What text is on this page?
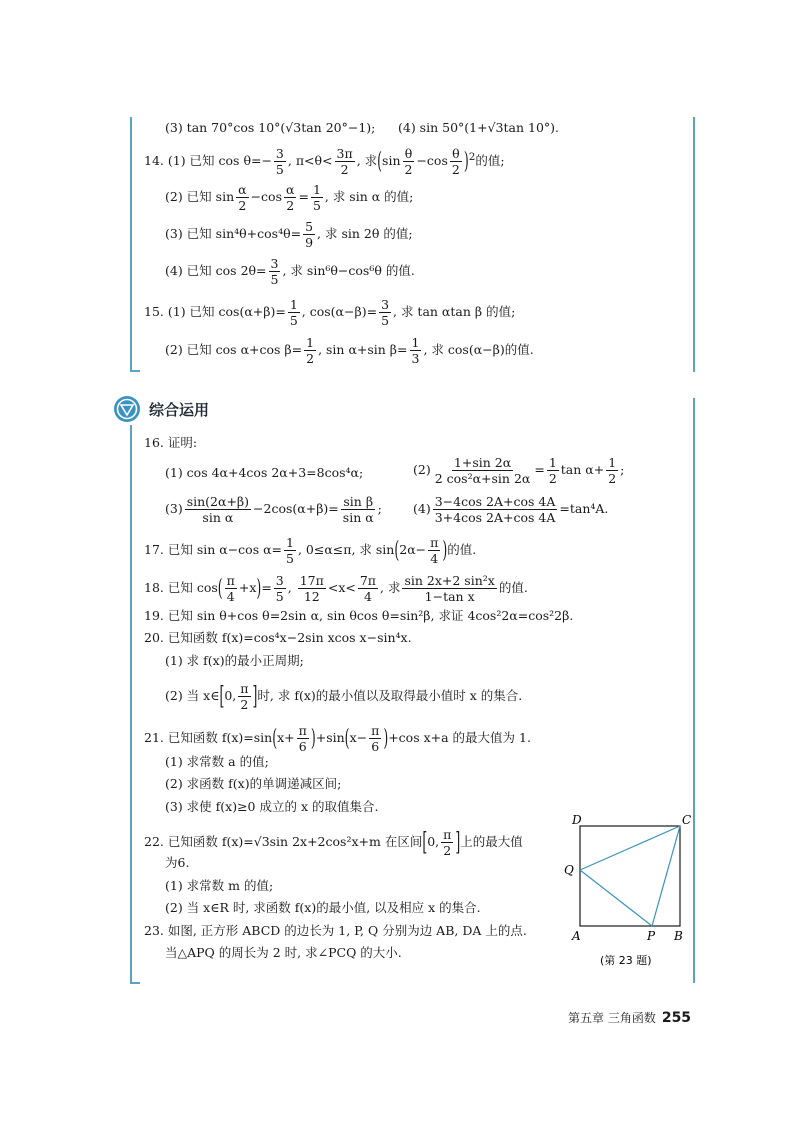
(3) tan 70°cos 10°(√3tan 20°−1); (4) sin 50°(1+√3tan 10°).
14. (1) 已知 $\cos \theta=- \frac{3}{5}$ , $\pi<\theta< \frac{3\pi}{2}$ , 求$(\sin \frac{\theta}{2} -\cos \frac{\theta}{2} )^2$的值;
(2) 已知 $\sin \frac{\alpha}{2} -\cos \frac{\alpha}{2} = \frac{1}{5}$ , 求 sin α 的值;
(3) 已知 $\sin^4\theta+\cos^4\theta= \frac{5}{9}$ , 求 sin 2θ 的值;
(4) 已知 $\cos 2\theta= \frac{3}{5}$ , 求 sin⁶θ−cos⁶θ 的值.
15. (1) 已知 $\cos(\alpha+\beta)= \frac{1}{5}$ , $\cos(\alpha-\beta)= \frac{3}{5}$ , 求 tan αtan β 的值;
(2) 已知 cos α+cos $\beta= \frac{1}{2}$ , sin α+sin $\beta= \frac{1}{3}$ , 求 cos(α−β)的值.
综合运用
16. 证明:
(1) cos 4α+4cos 2α+3=8cos⁴α;	$(2) \frac{1+\sin 2\alpha}{\text{2 cos²α+sin 2α}} = \frac{1}{2}$ $\tan \alpha+ \frac{1}{2}$ ;
$(3) \frac{\sin(2\alpha+\beta)}{\text{sin α}} -2\cos(\alpha+\beta)= \frac{\text{sin β}}{\text{sin α}}$ ; $(4) \frac{3-4\cos 2A+\cos 4A}{3+4\cos 2A+\cos 4A} =\tan^4A$.
17. 已知 sin α−cos $\alpha= \frac{1}{5}$ , 0≤α≤π, 求 $\sin(2\alpha- \frac{\pi}{4}$ )的值.
18. 已知 $\cos( \frac{\pi}{4} +x)= \frac{3}{5}$ , $\frac{17\pi}{12} <x< \frac{7\pi}{4}$ , 求 $\frac{\text{sin 2x+2 sin²x}}{\text{1−tan x}}$ 的值.
19. 已知 sin θ+cos θ=2sin α, sin θcos θ=sin²β, 求证 4cos²2α=cos²2β.
20. 已知函数 f(x)=cos⁴x−2sin xcos x−sin⁴x.
(1) 求 f(x)的最小正周期;
(2) 当 x∈[0, $\frac{\pi}{2}$ ]时, 求 f(x)的最小值以及取得最小值时 x 的集合.
21. 已知函数 $f(x)=\sin(x+ \frac{\pi}{6} )+\sin(x- \frac{\pi}{6} )+\cos$ x+a 的最大值为 1.
(1) 求常数 a 的值;
(2) 求函数 f(x)的单调递减区间;
(3) 求使 f(x)≥0 成立的 x 的取值集合.
22. 已知函数 f(x)=√3sin 2x+2cos²x+m 在区间[0, $\frac{\pi}{2}$ ]上的最大值
为6.
(1) 求常数 m 的值;
(2) 当 x∈R 时, 求函数 f(x)的最小值, 以及相应 x 的集合.
23. 如图, 正方形 ABCD 的边长为 1, P, Q 分别为边 AB, DA 上的点.
当△APQ 的周长为 2 时, 求∠PCQ 的大小.
D	C
Q
A	P B
(第 23 题)
第五章 三角函数 255
